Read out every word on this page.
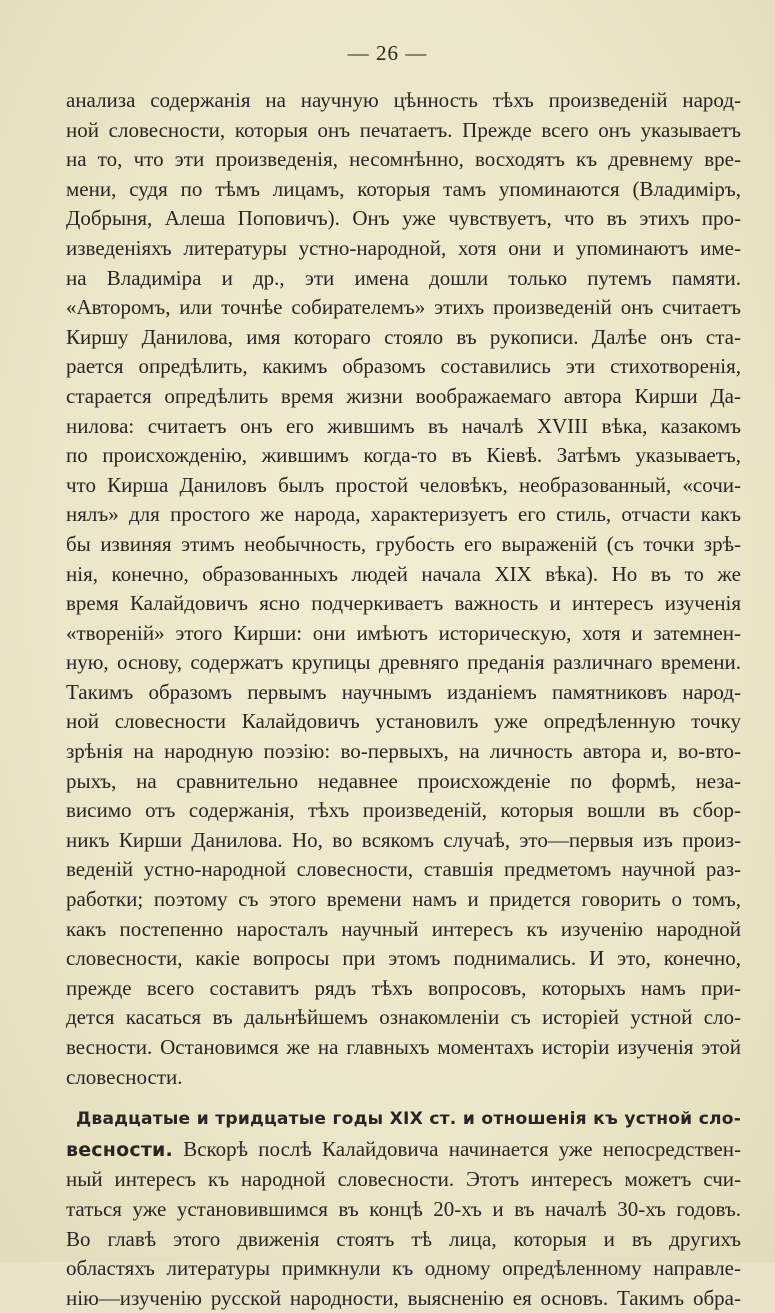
— 26 —
анализа содержанія на научную цѣнность тѣхъ произведеній народ-
ной словесности, которыя онъ печатаетъ. Прежде всего онъ указываетъ
на то, что эти произведенія, несомнѣнно, восходятъ къ древнему вре-
мени, судя по тѣмъ лицамъ, которыя тамъ упоминаются (Владиміръ,
Добрыня, Алеша Поповичъ). Онъ уже чувствуетъ, что въ этихъ про-
изведеніяхъ литературы устно-народной, хотя они и упоминаютъ име-
на Владиміра и др., эти имена дошли только путемъ памяти.
«Авторомъ, или точнѣе собирателемъ» этихъ произведеній онъ считаетъ
Киршу Данилова, имя котораго стояло въ рукописи. Далѣе онъ ста-
рается опредѣлить, какимъ образомъ составились эти стихотворенія,
старается опредѣлить время жизни воображаемаго автора Кирши Да-
нилова: считаетъ онъ его жившимъ въ началѣ XVIII вѣка, казакомъ
по происхожденію, жившимъ когда-то въ Кіевѣ. Затѣмъ указываетъ,
что Кирша Даниловъ былъ простой человѣкъ, необразованный, «сочи-
нялъ» для простого же народа, характеризуетъ его стиль, отчасти какъ
бы извиняя этимъ необычность, грубость его выраженій (съ точки зрѣ-
нія, конечно, образованныхъ людей начала XIX вѣка). Но въ то же
время Калайдовичъ ясно подчеркиваетъ важность и интересъ изученія
«твореній» этого Кирши: они имѣютъ историческую, хотя и затемнен-
ную, основу, содержатъ крупицы древняго преданія различнаго времени.
Такимъ образомъ первымъ научнымъ изданіемъ памятниковъ народ-
ной словесности Калайдовичъ установилъ уже опредѣленную точку
зрѣнія на народную поэзію: во-первыхъ, на личность автора и, во-вто-
рыхъ, на сравнительно недавнее происхожденіе по формѣ, неза-
висимо отъ содержанія, тѣхъ произведеній, которыя вошли въ сбор-
никъ Кирши Данилова. Но, во всякомъ случаѣ, это—первыя изъ произ-
веденій устно-народной словесности, ставшія предметомъ научной раз-
работки; поэтому съ этого времени намъ и придется говорить о томъ,
какъ постепенно наросталъ научный интересъ къ изученію народной
словесности, какіе вопросы при этомъ поднимались. И это, конечно,
прежде всего составитъ рядъ тѣхъ вопросовъ, которыхъ намъ при-
дется касаться въ дальнѣйшемъ ознакомленіи съ исторіей устной сло-
весности. Остановимся же на главныхъ моментахъ исторіи изученія этой
словесности.
Двадцатые и тридцатые годы XIX ст. и отношенія къ устной сло-
весности. Вскорѣ послѣ Калайдовича начинается уже непосредствен-
ный интересъ къ народной словесности. Этотъ интересъ можетъ счи-
таться уже установившимся въ концѣ 20-хъ и въ началѣ 30-хъ годовъ.
Во главѣ этого движенія стоятъ тѣ лица, которыя и въ другихъ
областяхъ литературы примкнули къ одному опредѣленному направле-
нію—изученію русской народности, выясненію ея основъ. Такимъ обра-
